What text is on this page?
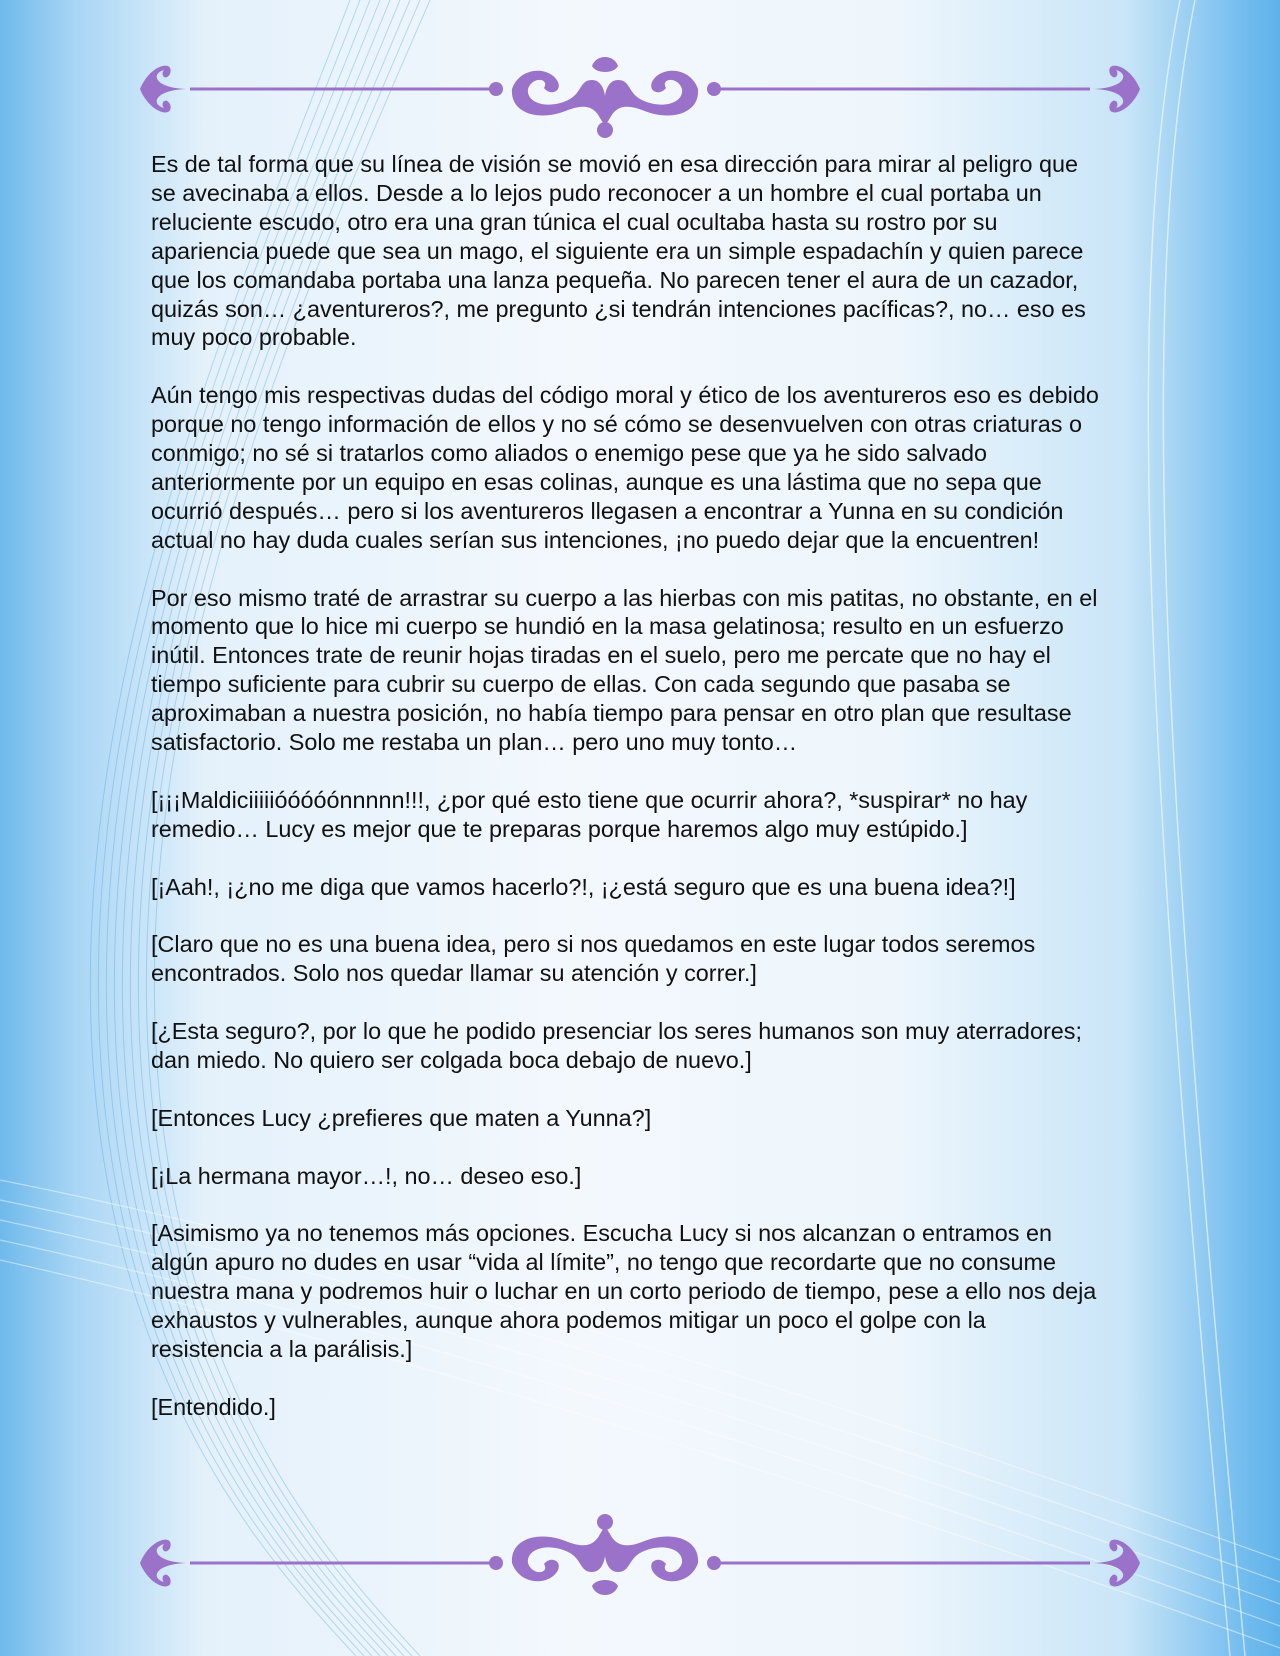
Es de tal forma que su línea de visión se movió en esa dirección para mirar al peligro que se avecinaba a ellos. Desde a lo lejos pudo reconocer a un hombre el cual portaba un reluciente escudo, otro era una gran túnica el cual ocultaba hasta su rostro por su apariencia puede que sea un mago, el siguiente era un simple espadachín y quien parece que los comandaba portaba una lanza pequeña. No parecen tener el aura de un cazador, quizás son… ¿aventureros?, me pregunto ¿si tendrán intenciones pacíficas?, no… eso es muy poco probable.

Aún tengo mis respectivas dudas del código moral y ético de los aventureros eso es debido porque no tengo información de ellos y no sé cómo se desenvuelven con otras criaturas o conmigo; no sé si tratarlos como aliados o enemigo pese que ya he sido salvado anteriormente por un equipo en esas colinas, aunque es una lástima que no sepa que ocurrió después… pero si los aventureros llegasen a encontrar a Yunna en su condición actual no hay duda cuales serían sus intenciones, ¡no puedo dejar que la encuentren!

Por eso mismo traté de arrastrar su cuerpo a las hierbas con mis patitas, no obstante, en el momento que lo hice mi cuerpo se hundió en la masa gelatinosa; resulto en un esfuerzo inútil. Entonces trate de reunir hojas tiradas en el suelo, pero me percate que no hay el tiempo suficiente para cubrir su cuerpo de ellas. Con cada segundo que pasaba se aproximaban a nuestra posición, no había tiempo para pensar en otro plan que resultase satisfactorio. Solo me restaba un plan… pero uno muy tonto…

[¡¡¡Maldiciiiiióóóóónnnnn!!!, ¿por qué esto tiene que ocurrir ahora?, *suspirar* no hay remedio… Lucy es mejor que te preparas porque haremos algo muy estúpido.]

[¡Aah!, ¡¿no me diga que vamos hacerlo?!, ¡¿está seguro que es una buena idea?!]

[Claro que no es una buena idea, pero si nos quedamos en este lugar todos seremos encontrados. Solo nos quedar llamar su atención y correr.]

[¿Esta seguro?, por lo que he podido presenciar los seres humanos son muy aterradores; dan miedo. No quiero ser colgada boca debajo de nuevo.]

[Entonces Lucy ¿prefieres que maten a Yunna?]

[¡La hermana mayor…!, no… deseo eso.]

[Asimismo ya no tenemos más opciones. Escucha Lucy si nos alcanzan o entramos en algún apuro no dudes en usar “vida al límite”, no tengo que recordarte que no consume nuestra mana y podremos huir o luchar en un corto periodo de tiempo, pese a ello nos deja exhaustos y vulnerables, aunque ahora podemos mitigar un poco el golpe con la resistencia a la parálisis.]

[Entendido.]
